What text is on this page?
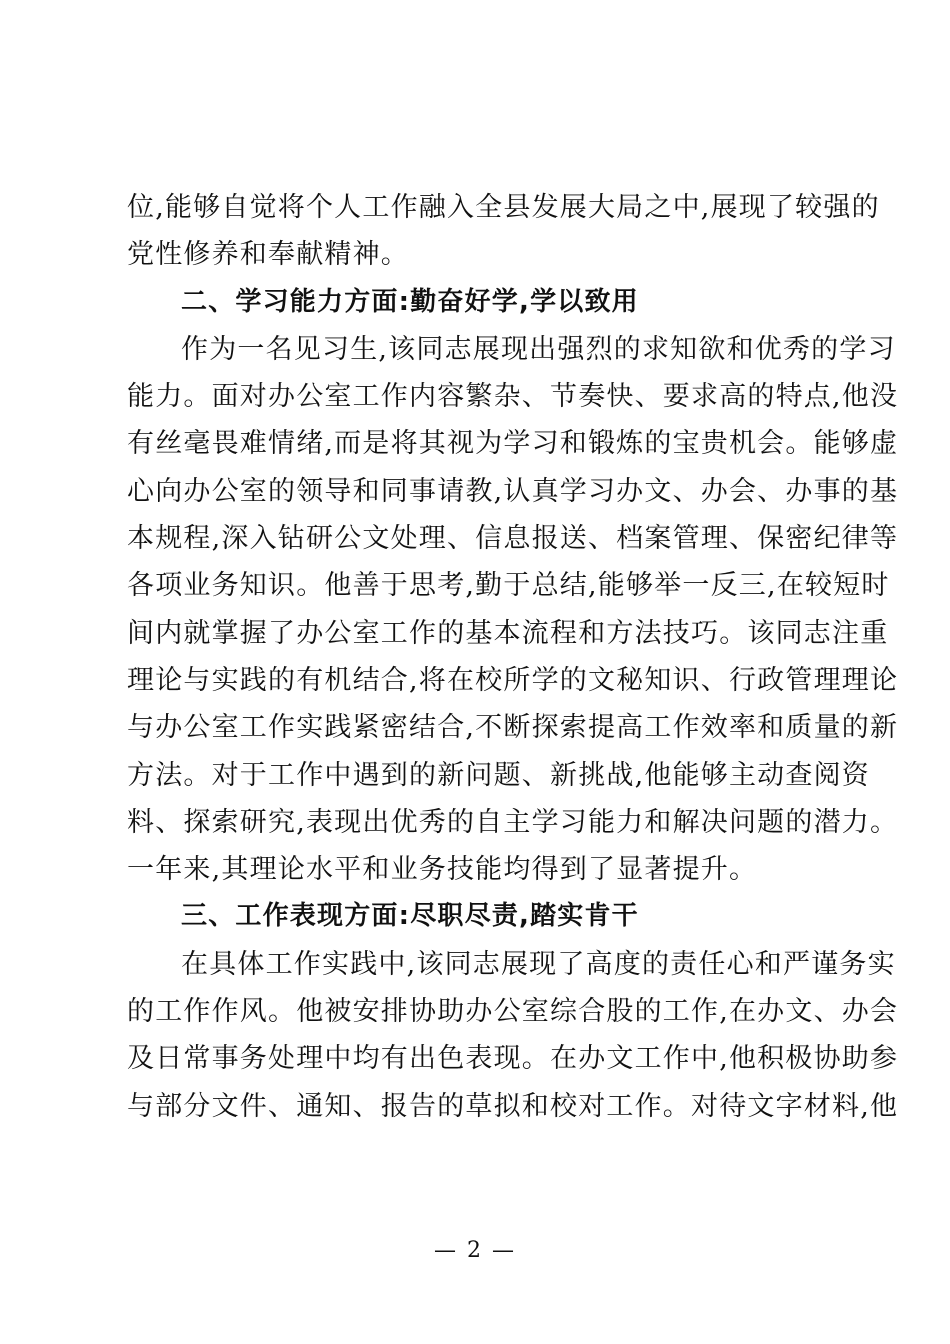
位,能够自觉将个人工作融入全县发展大局之中,展现了较强的
党性修养和奉献精神。
二、学习能力方面:勤奋好学,学以致用
作为一名见习生,该同志展现出强烈的求知欲和优秀的学习
能力。面对办公室工作内容繁杂、节奏快、要求高的特点,他没
有丝毫畏难情绪,而是将其视为学习和锻炼的宝贵机会。能够虚
心向办公室的领导和同事请教,认真学习办文、办会、办事的基
本规程,深入钻研公文处理、信息报送、档案管理、保密纪律等
各项业务知识。他善于思考,勤于总结,能够举一反三,在较短时
间内就掌握了办公室工作的基本流程和方法技巧。该同志注重
理论与实践的有机结合,将在校所学的文秘知识、行政管理理论
与办公室工作实践紧密结合,不断探索提高工作效率和质量的新
方法。对于工作中遇到的新问题、新挑战,他能够主动查阅资
料、探索研究,表现出优秀的自主学习能力和解决问题的潜力。
一年来,其理论水平和业务技能均得到了显著提升。
三、工作表现方面:尽职尽责,踏实肯干
在具体工作实践中,该同志展现了高度的责任心和严谨务实
的工作作风。他被安排协助办公室综合股的工作,在办文、办会
及日常事务处理中均有出色表现。在办文工作中,他积极协助参
与部分文件、通知、报告的草拟和校对工作。对待文字材料,他
— 2 —
